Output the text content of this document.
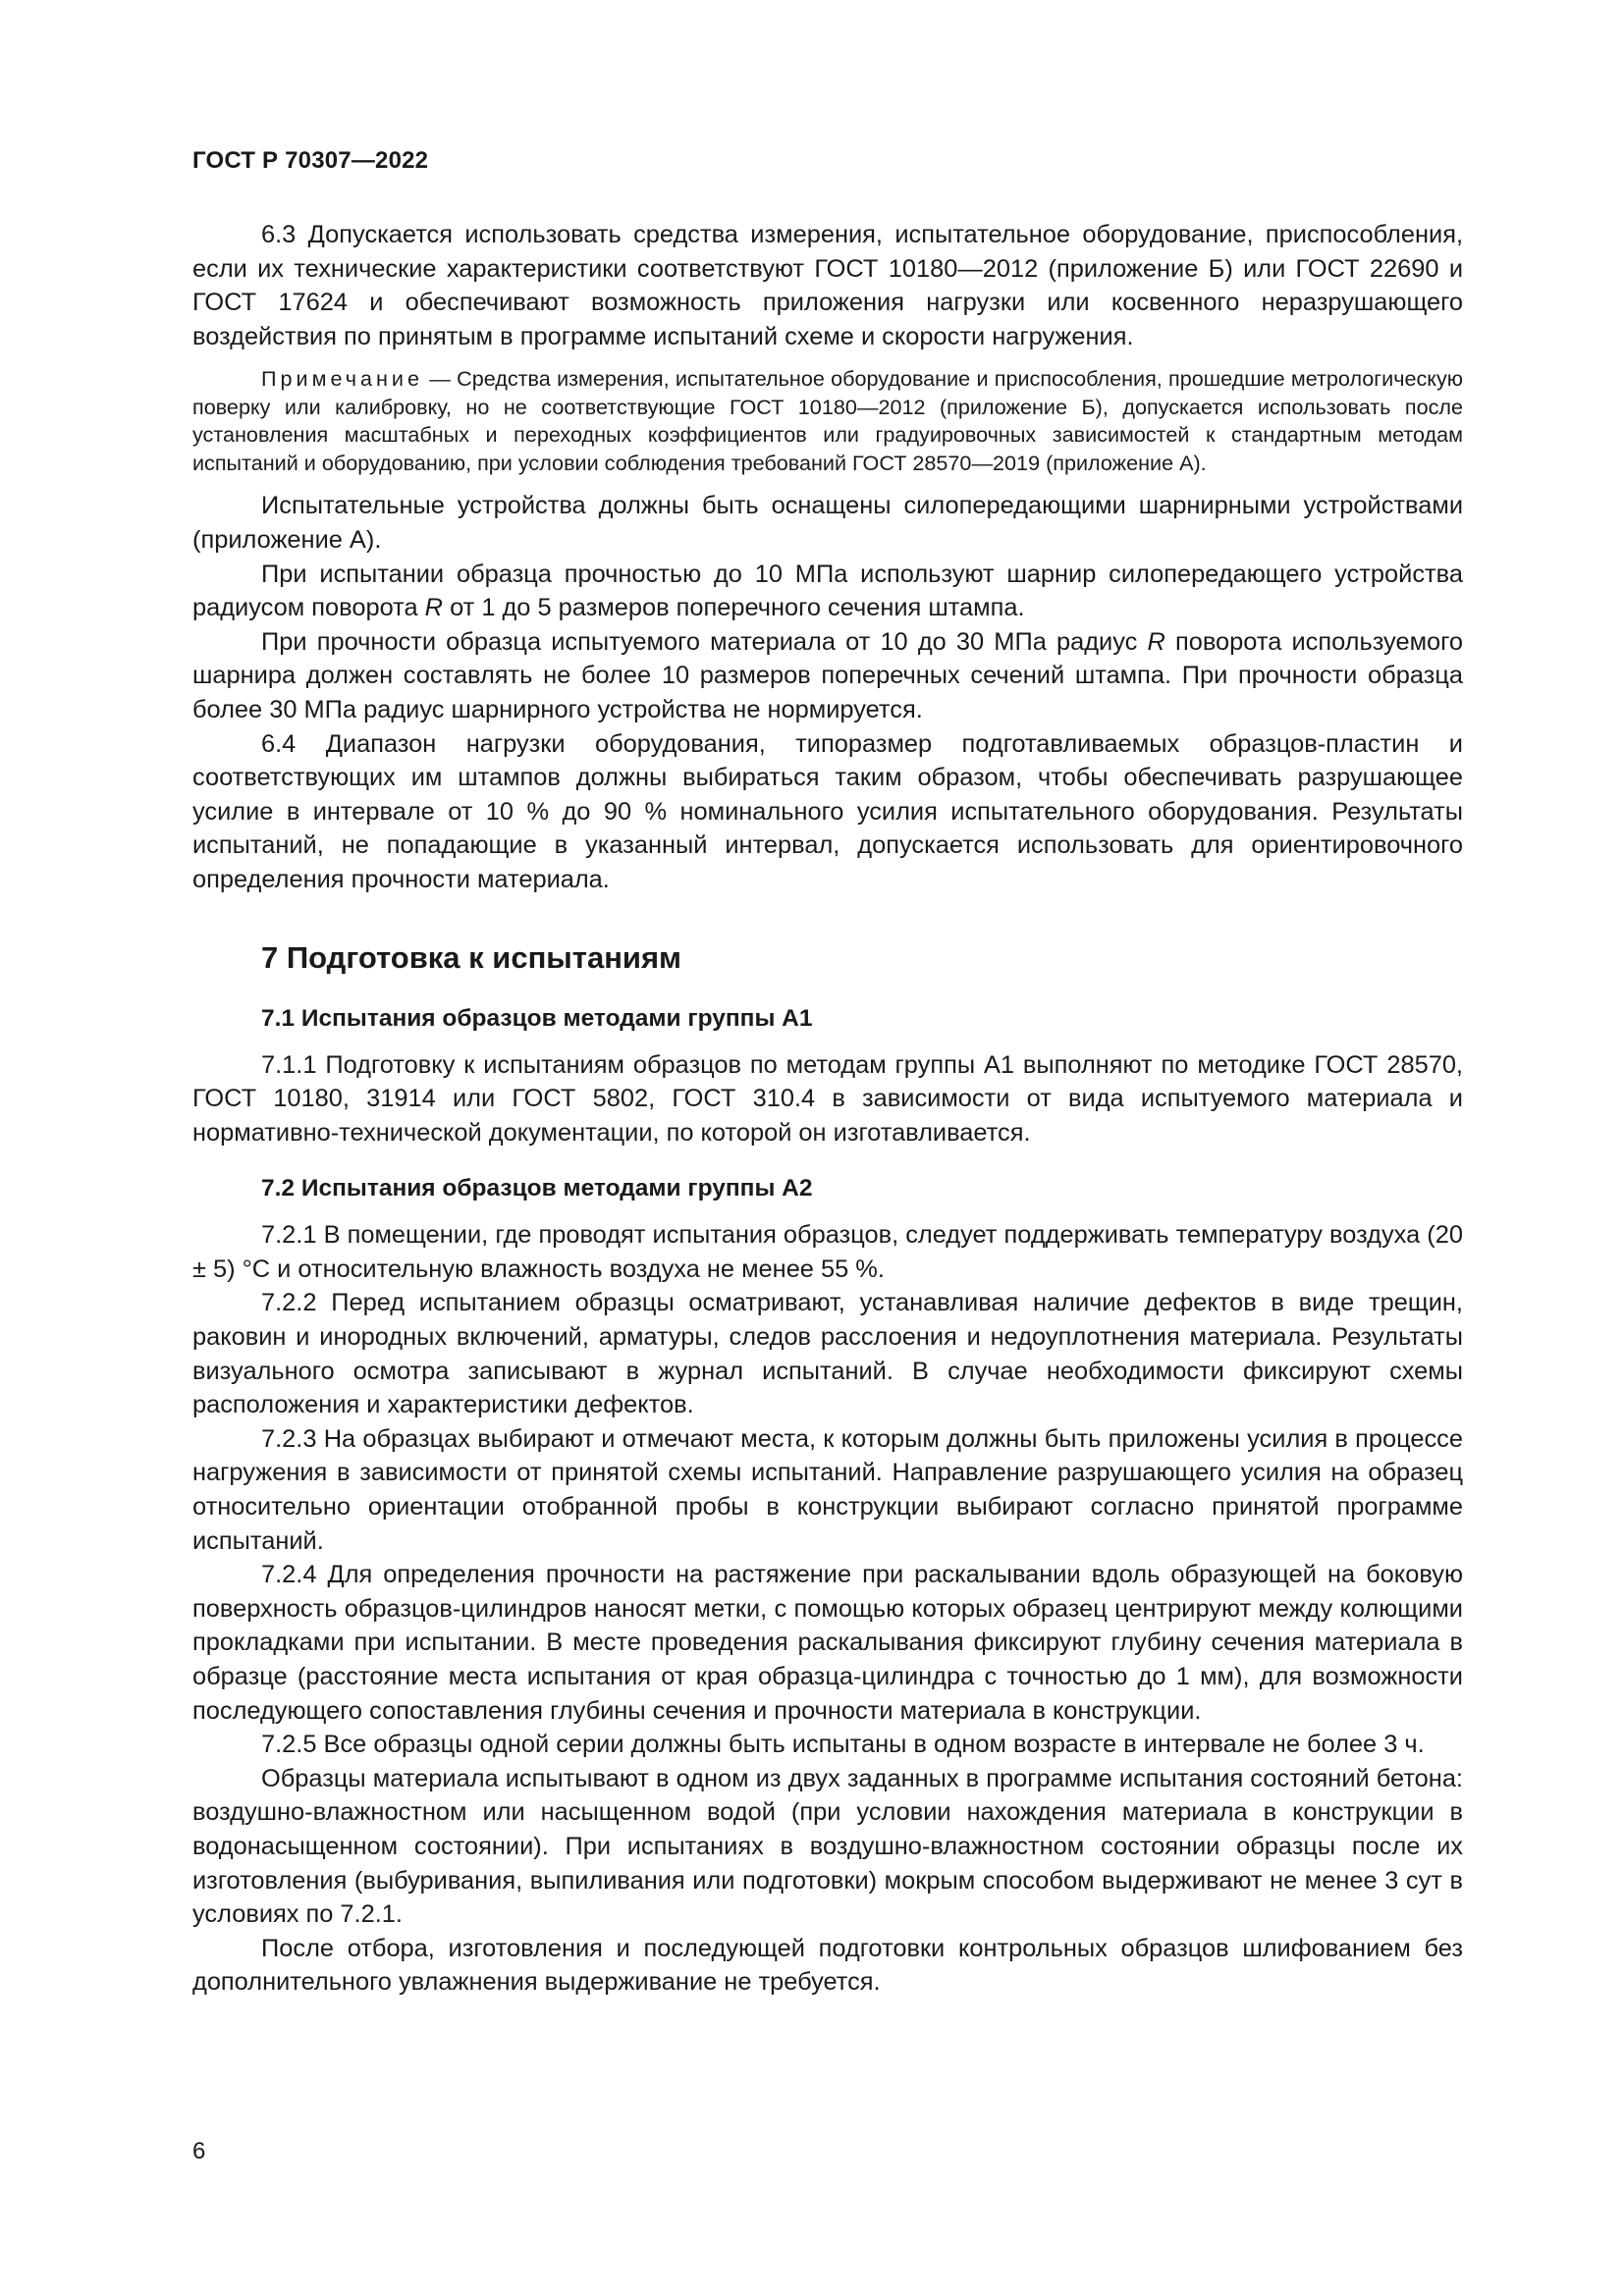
ГОСТ Р 70307—2022

6.3 Допускается использовать средства измерения, испытательное оборудование, приспособления, если их технические характеристики соответствуют ГОСТ 10180—2012 (приложение Б) или ГОСТ 22690 и ГОСТ 17624 и обеспечивают возможность приложения нагрузки или косвенного неразрушающего воздействия по принятым в программе испытаний схеме и скорости нагружения.

Примечание — Средства измерения, испытательное оборудование и приспособления, прошедшие метрологическую поверку или калибровку, но не соответствующие ГОСТ 10180—2012 (приложение Б), допускается использовать после установления масштабных и переходных коэффициентов или градуировочных зависимостей к стандартным методам испытаний и оборудованию, при условии соблюдения требований ГОСТ 28570—2019 (приложение А).

Испытательные устройства должны быть оснащены силопередающими шарнирными устройствами (приложение А).

При испытании образца прочностью до 10 МПа используют шарнир силопередающего устройства радиусом поворота R от 1 до 5 размеров поперечного сечения штампа.

При прочности образца испытуемого материала от 10 до 30 МПа радиус R поворота используемого шарнира должен составлять не более 10 размеров поперечных сечений штампа. При прочности образца более 30 МПа радиус шарнирного устройства не нормируется.

6.4 Диапазон нагрузки оборудования, типоразмер подготавливаемых образцов-пластин и соответствующих им штампов должны выбираться таким образом, чтобы обеспечивать разрушающее усилие в интервале от 10 % до 90 % номинального усилия испытательного оборудования. Результаты испытаний, не попадающие в указанный интервал, допускается использовать для ориентировочного определения прочности материала.

7 Подготовка к испытаниям
7.1 Испытания образцов методами группы А1

7.1.1 Подготовку к испытаниям образцов по методам группы А1 выполняют по методике ГОСТ 28570, ГОСТ 10180, 31914 или ГОСТ 5802, ГОСТ 310.4 в зависимости от вида испытуемого материала и нормативно-технической документации, по которой он изготавливается.

7.2 Испытания образцов методами группы А2

7.2.1 В помещении, где проводят испытания образцов, следует поддерживать температуру воздуха (20 ± 5) °С и относительную влажность воздуха не менее 55 %.

7.2.2 Перед испытанием образцы осматривают, устанавливая наличие дефектов в виде трещин, раковин и инородных включений, арматуры, следов расслоения и недоуплотнения материала. Результаты визуального осмотра записывают в журнал испытаний. В случае необходимости фиксируют схемы расположения и характеристики дефектов.

7.2.3 На образцах выбирают и отмечают места, к которым должны быть приложены усилия в процессе нагружения в зависимости от принятой схемы испытаний. Направление разрушающего усилия на образец относительно ориентации отобранной пробы в конструкции выбирают согласно принятой программе испытаний.

7.2.4 Для определения прочности на растяжение при раскалывании вдоль образующей на боковую поверхность образцов-цилиндров наносят метки, с помощью которых образец центрируют между колющими прокладками при испытании. В месте проведения раскалывания фиксируют глубину сечения материала в образце (расстояние места испытания от края образца-цилиндра с точностью до 1 мм), для возможности последующего сопоставления глубины сечения и прочности материала в конструкции.

7.2.5 Все образцы одной серии должны быть испытаны в одном возрасте в интервале не более 3 ч.

Образцы материала испытывают в одном из двух заданных в программе испытания состояний бетона: воздушно-влажностном или насыщенном водой (при условии нахождения материала в конструкции в водонасыщенном состоянии). При испытаниях в воздушно-влажностном состоянии образцы после их изготовления (выбуривания, выпиливания или подготовки) мокрым способом выдерживают не менее 3 сут в условиях по 7.2.1.

После отбора, изготовления и последующей подготовки контрольных образцов шлифованием без дополнительного увлажнения выдерживание не требуется.

6
